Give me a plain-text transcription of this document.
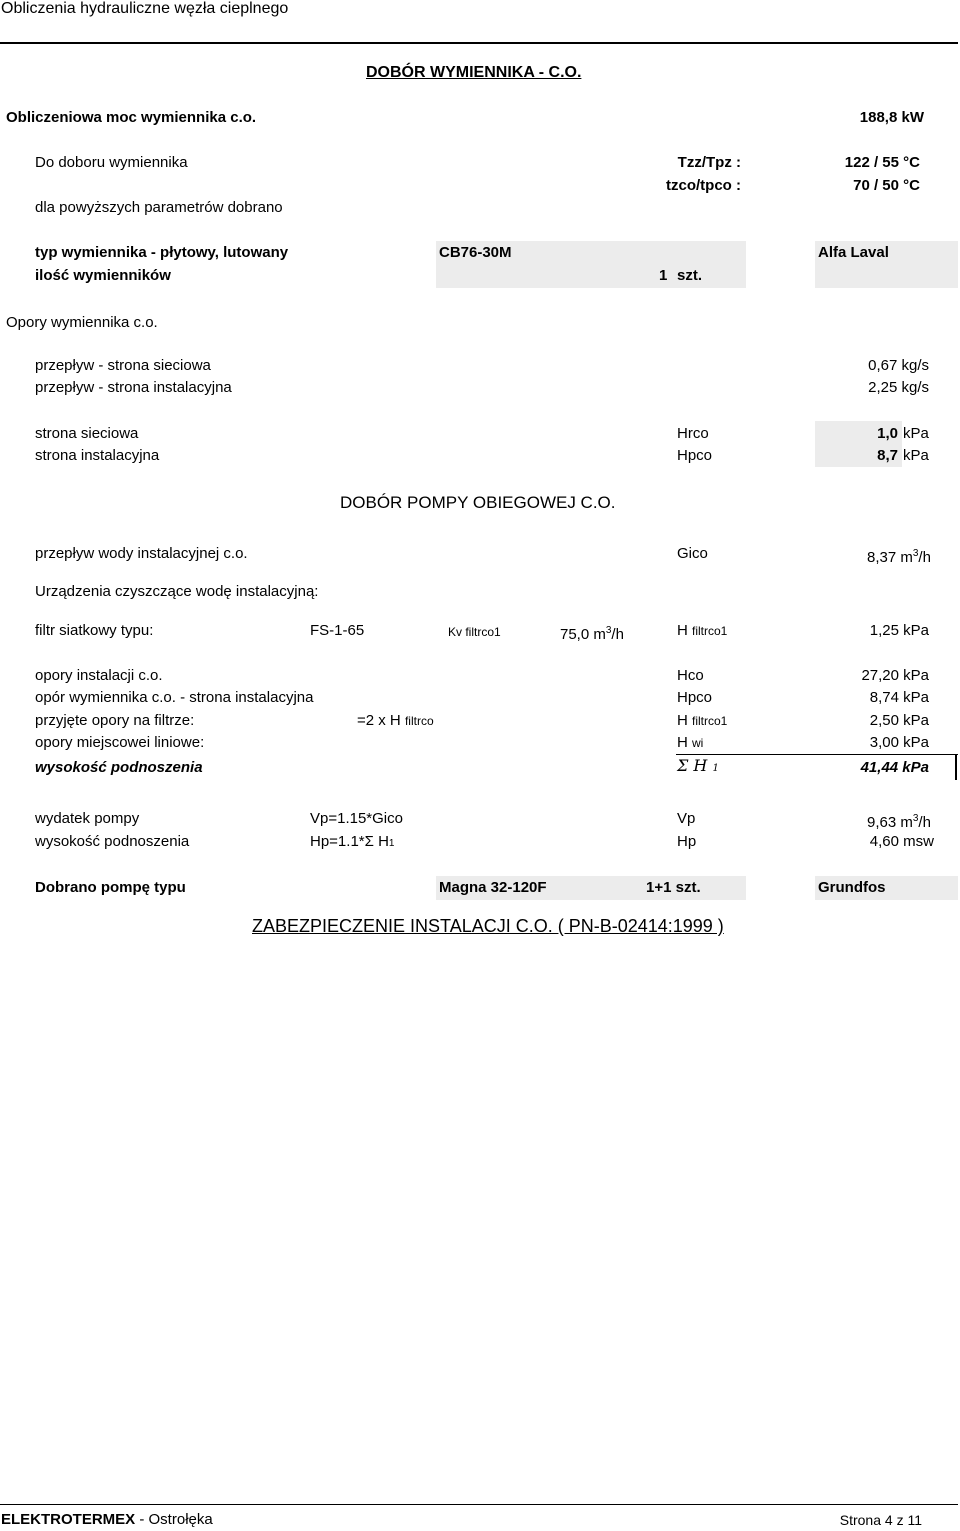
Obliczenia hydrauliczne węzła cieplnego
DOBÓR WYMIENNIKA - C.O.
Obliczeniowa moc wymiennika c.o.	188,8 kW
Do doboru wymiennika	Tzz/Tpz :	122 / 55 °C
tzco/tpco :	70 / 50 °C
dla powyższych parametrów dobrano
typ wymiennika - płytowy, lutowany	CB76-30M	Alfa Laval
ilość wymienników	1 szt.
Opory wymiennika c.o.
przepływ - strona sieciowa	0,67 kg/s
przepływ - strona instalacyjna	2,25 kg/s
strona sieciowa	Hrco	1,0 kPa
strona instalacyjna	Hpco	8,7 kPa
DOBÓR POMPY OBIEGOWEJ C.O.
przepływ wody instalacyjnej c.o.	Gico	8,37 $m^3/h$
Urządzenia czyszczące wodę instalacyjną:
filtr siatkowy typu:	FS-1-65	Kv filtrco1	75,0 $m^3/h$	H filtrco1	1,25 kPa
opory instalacji c.o.	Hco	27,20 kPa
opór wymiennika c.o. - strona instalacyjna	Hpco	8,74 kPa
przyjęte opory na filtrze:	=2 x H filtrco	H filtrco1	2,50 kPa
opory miejscowei liniowe:	H wi	3,00 kPa
wysokość podnoszenia	Σ H 1	41,44 kPa
wydatek pompy	Vp=1.15*Gico	Vp	9,63 $m^3/h$
wysokość podnoszenia	Hp=1.1*Σ H1	Hp	4,60 msw
Dobrano pompę typu	Magna 32-120F	1+1 szt.	Grundfos
ZABEZPIECZENIE INSTALACJI C.O. ( PN-B-02414:1999 )
ELEKTROTERMEX - Ostrołęka	Strona 4 z 11
